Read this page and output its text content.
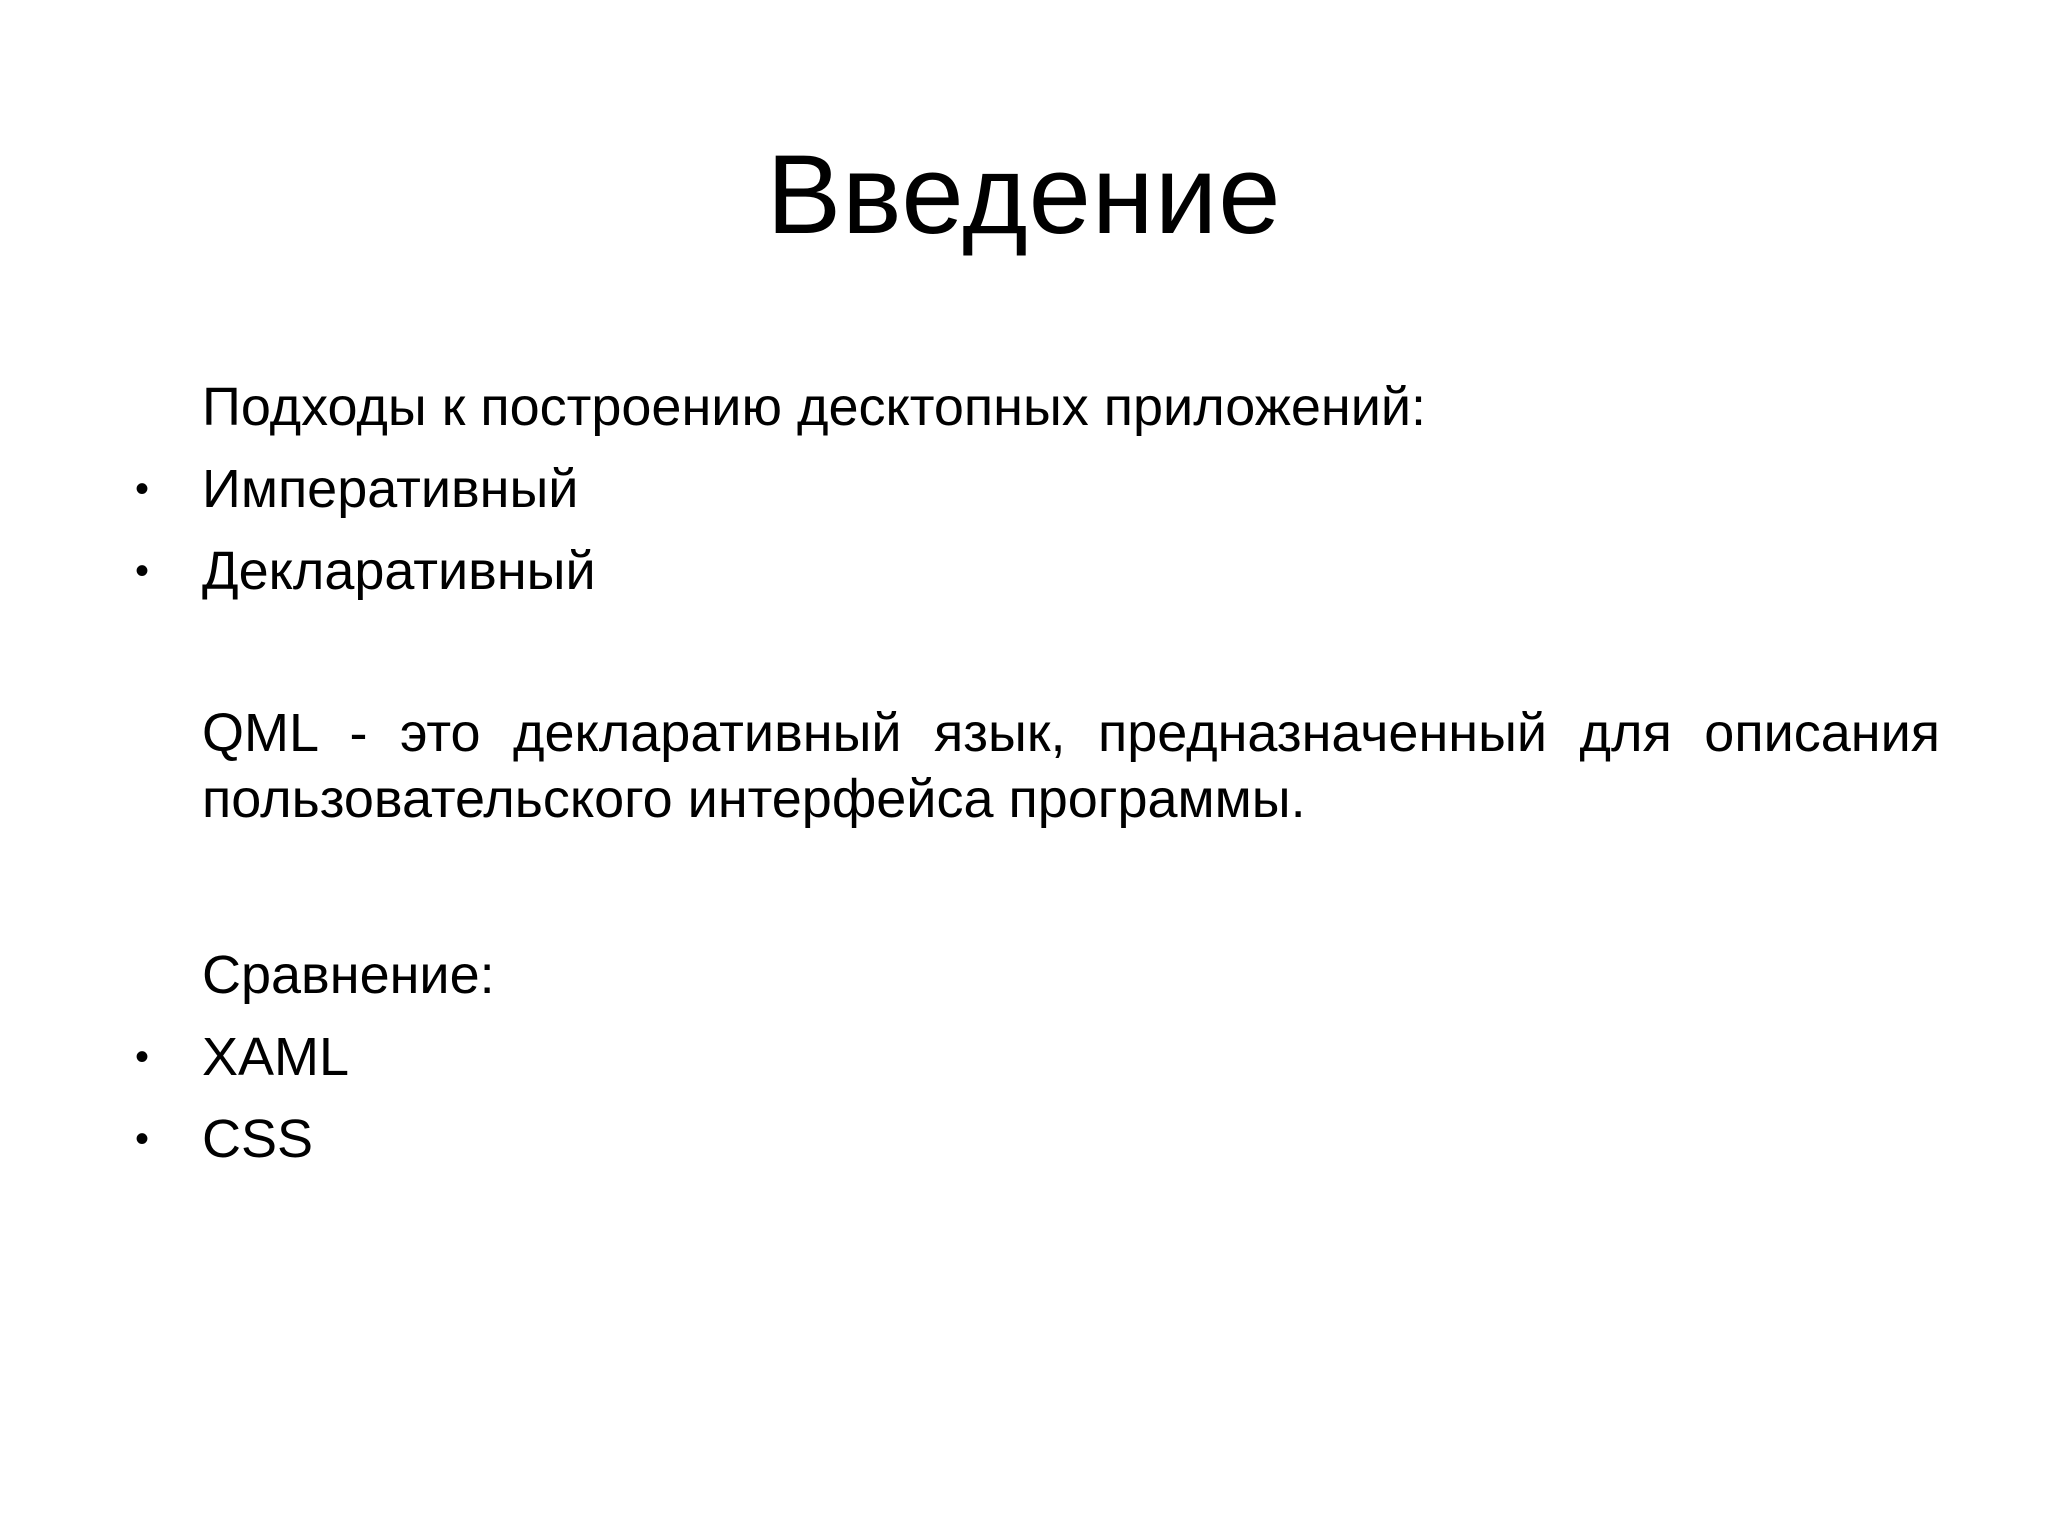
Введение
Подходы к построению десктопных приложений:
• Императивный
• Декларативный
QML - это декларативный язык, предназначенный для описания пользовательского интерфейса программы.
Сравнение:
• XAML
• CSS
